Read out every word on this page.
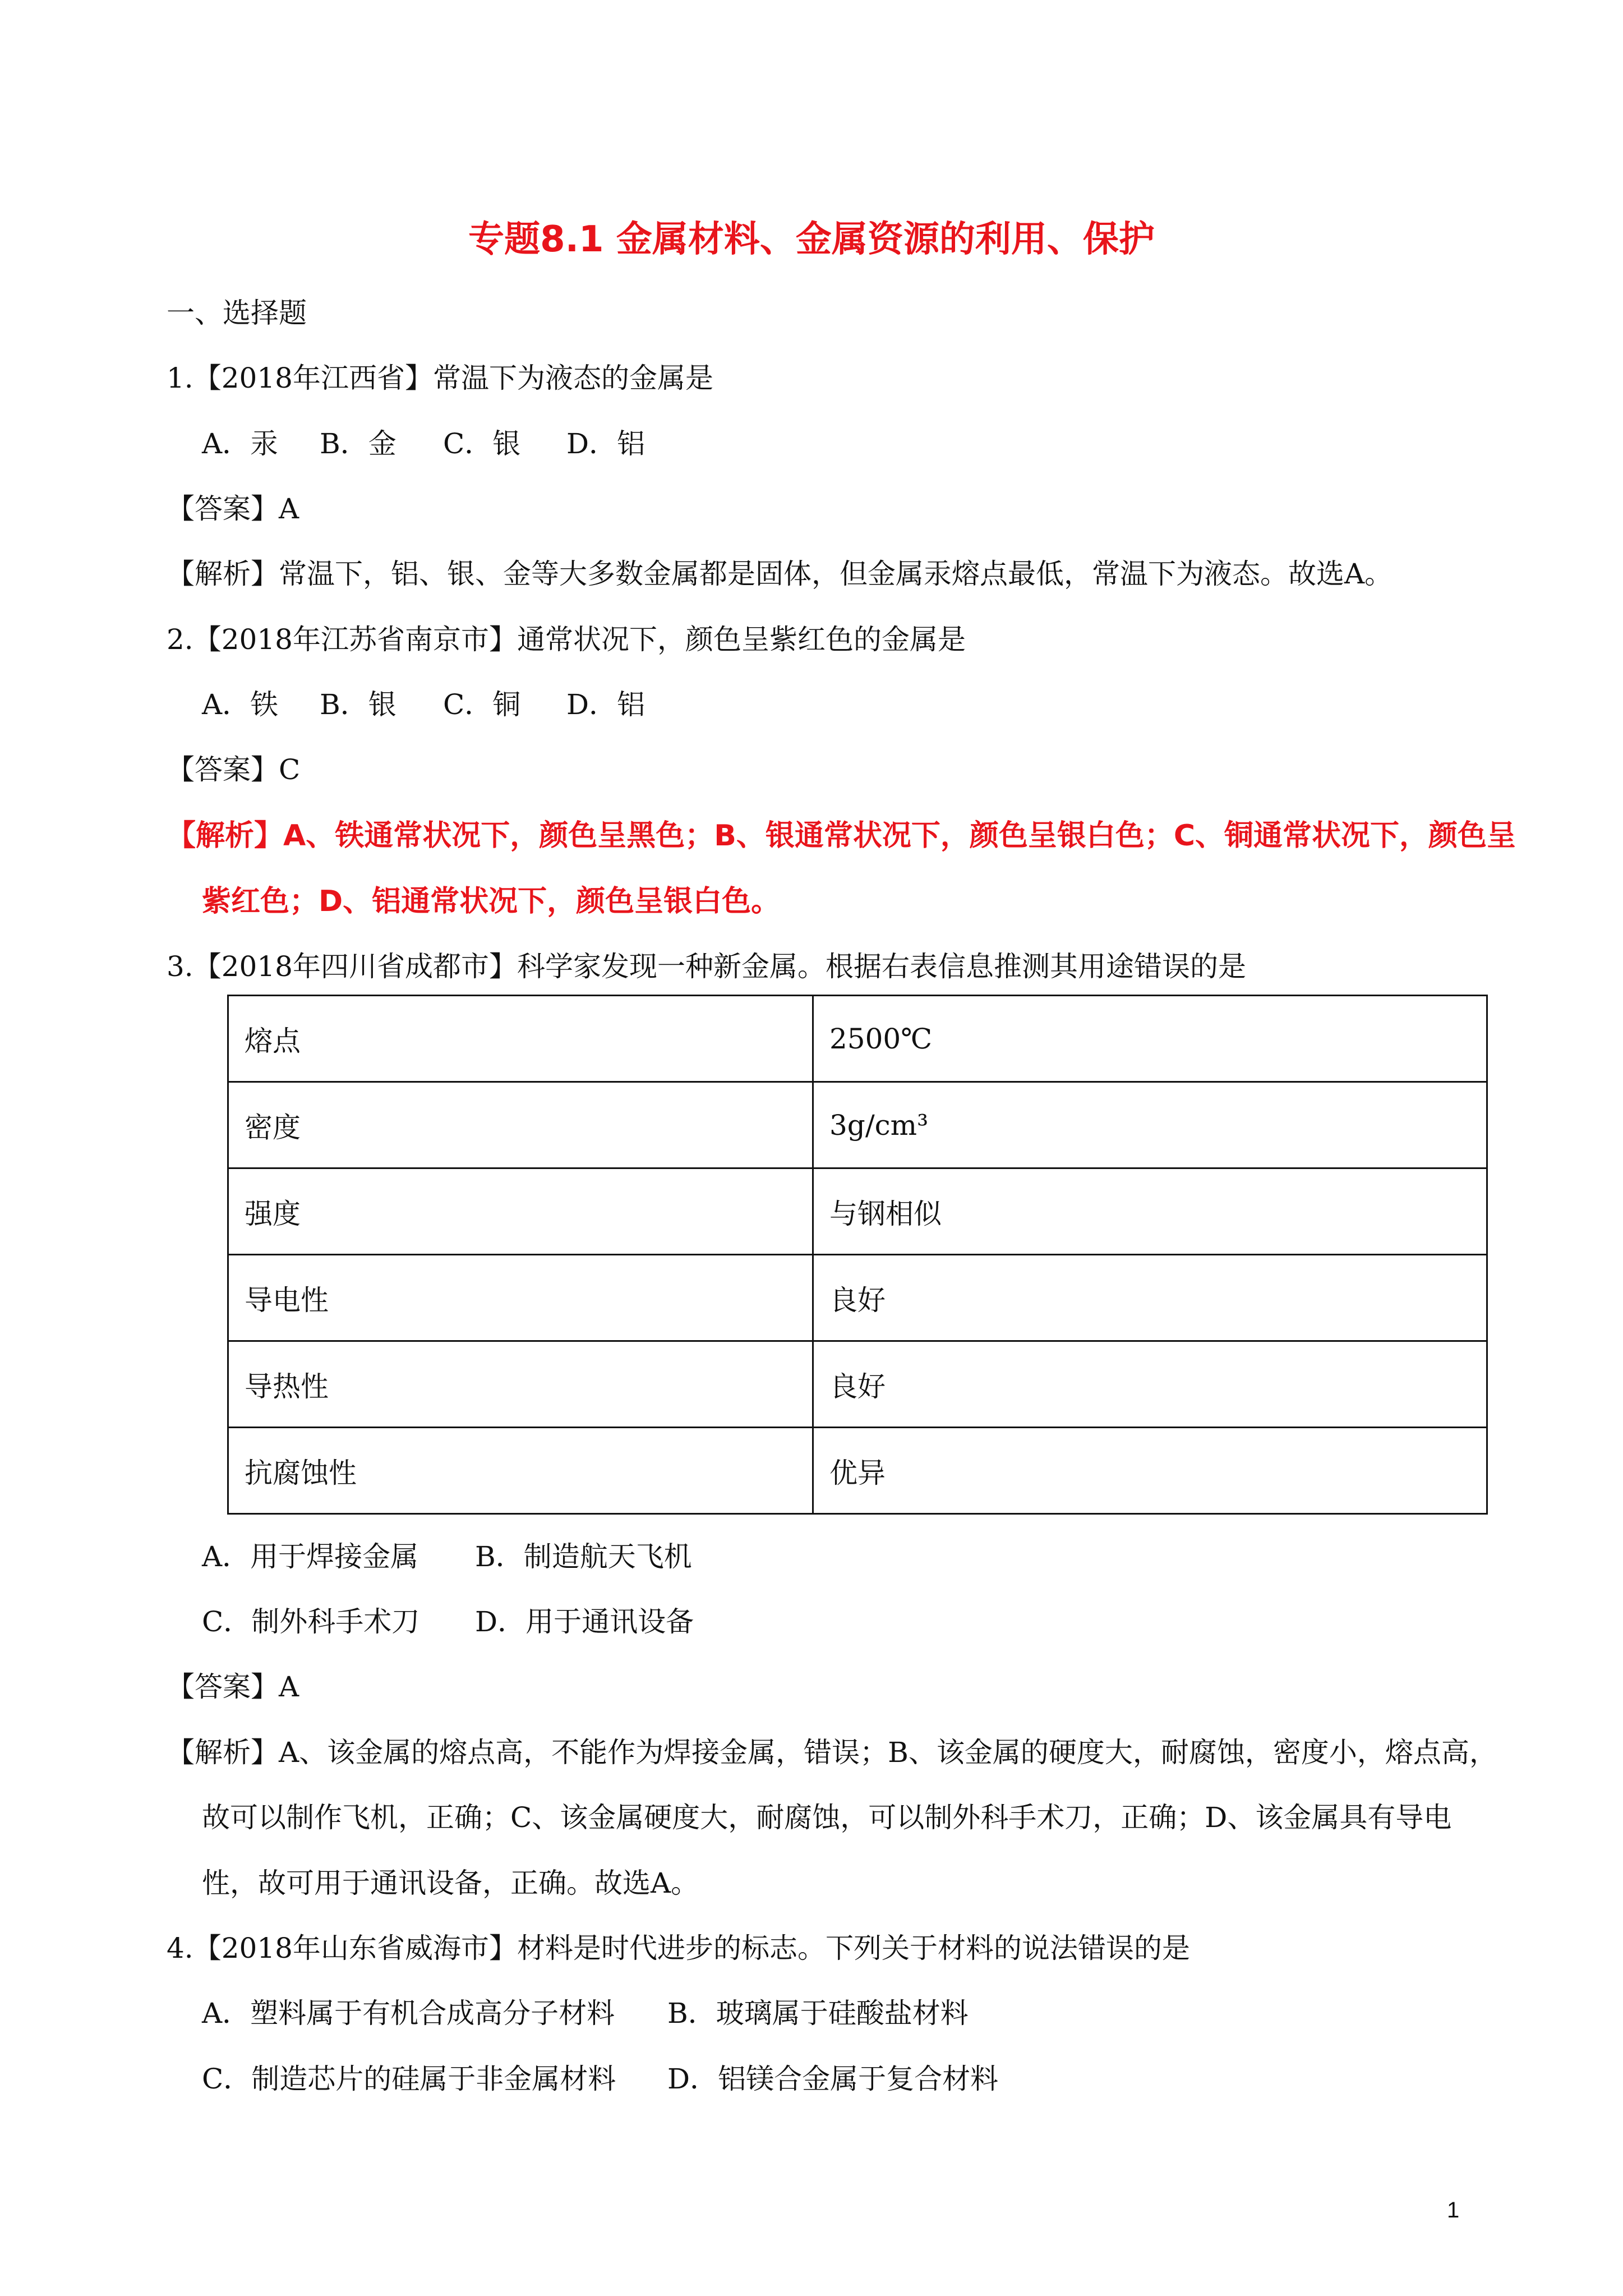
专题8.1 金属材料、金属资源的利用、保护
一、选择题
1.【2018年江西省】常温下为液态的金属是
A．汞 B．金 C．银 D．铝
【答案】A
【解析】常温下，铝、银、金等大多数金属都是固体，但金属汞熔点最低，常温下为液态。故选A。
2.【2018年江苏省南京市】通常状况下，颜色呈紫红色的金属是
A．铁 B．银 C．铜 D．铝
【答案】C
【解析】A、铁通常状况下，颜色呈黑色；B、银通常状况下，颜色呈银白色；C、铜通常状况下，颜色呈
紫红色；D、铝通常状况下，颜色呈银白色。
3.【2018年四川省成都市】科学家发现一种新金属。根据右表信息推测其用途错误的是
熔点	2500℃
密度	3g/cm³
强度	与钢相似
导电性	良好
导热性	良好
抗腐蚀性	优异
A．用于焊接金属 B．制造航天飞机
C．制外科手术刀 D．用于通讯设备
【答案】A
【解析】A、该金属的熔点高，不能作为焊接金属，错误；B、该金属的硬度大，耐腐蚀，密度小，熔点高，
故可以制作飞机，正确；C、该金属硬度大，耐腐蚀，可以制外科手术刀，正确；D、该金属具有导电
性，故可用于通讯设备，正确。故选A。
4.【2018年山东省威海市】材料是时代进步的标志。下列关于材料的说法错误的是
A．塑料属于有机合成高分子材料 B．玻璃属于硅酸盐材料
C．制造芯片的硅属于非金属材料 D．铝镁合金属于复合材料
1
